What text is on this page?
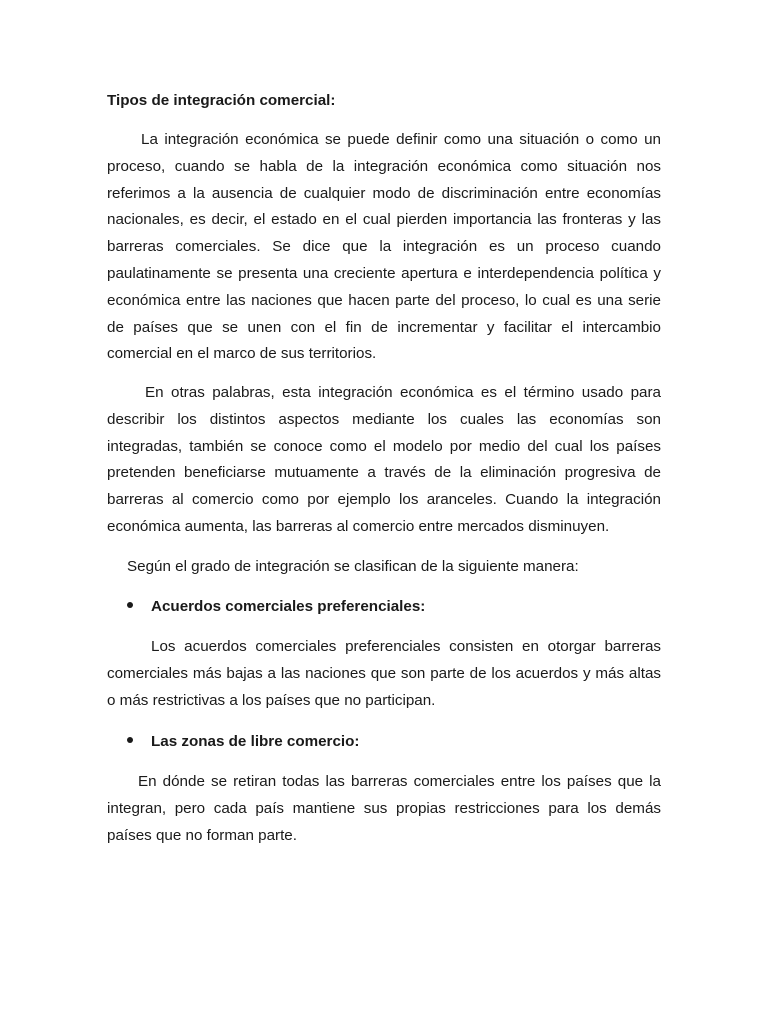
Tipos de integración comercial:

La integración económica se puede definir como una situación o como un proceso, cuando se habla de la integración económica como situación nos referimos a la ausencia de cualquier modo de discriminación entre economías nacionales, es decir, el estado en el cual pierden importancia las fronteras y las barreras comerciales. Se dice que la integración es un proceso cuando paulatinamente se presenta una creciente apertura e interdependencia política y económica entre las naciones que hacen parte del proceso, lo cual es una serie de países que se unen con el fin de incrementar y facilitar el intercambio comercial en el marco de sus territorios.

En otras palabras, esta integración económica es el término usado para describir los distintos aspectos mediante los cuales las economías son integradas, también se conoce como el modelo por medio del cual los países pretenden beneficiarse mutuamente a través de la eliminación progresiva de barreras al comercio como por ejemplo los aranceles. Cuando la integración económica aumenta, las barreras al comercio entre mercados disminuyen.

Según el grado de integración se clasifican de la siguiente manera:

Acuerdos comerciales preferenciales:

Los acuerdos comerciales preferenciales consisten en otorgar barreras comerciales más bajas a las naciones que son parte de los acuerdos y más altas o más restrictivas a los países que no participan.

Las zonas de libre comercio:

En dónde se retiran todas las barreras comerciales entre los países que la integran, pero cada país mantiene sus propias restricciones para los demás países que no forman parte.
